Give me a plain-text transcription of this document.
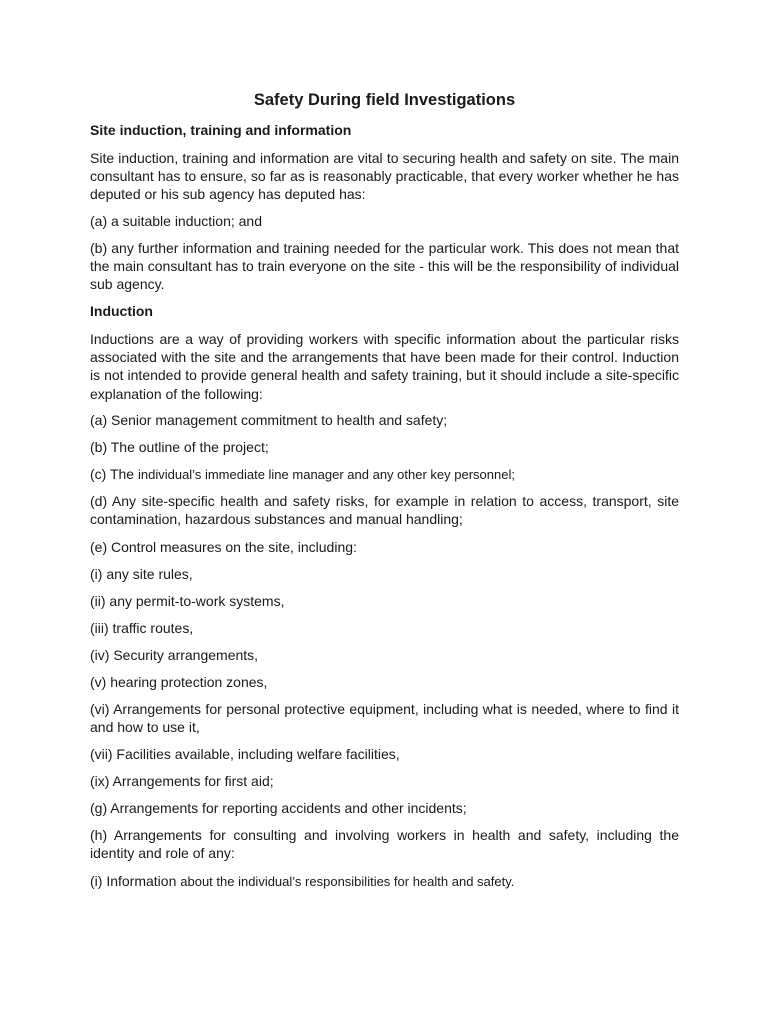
Safety During field Investigations
Site induction, training and information

Site induction, training and information are vital to securing health and safety on site. The main consultant has to ensure, so far as is reasonably practicable, that every worker whether he has deputed or his sub agency has deputed has:

(a) a suitable induction; and

(b) any further information and training needed for the particular work. This does not mean that the main consultant has to train everyone on the site - this will be the responsibility of individual sub agency.

Induction

Inductions are a way of providing workers with specific information about the particular risks associated with the site and the arrangements that have been made for their control. Induction is not intended to provide general health and safety training, but it should include a site-specific explanation of the following:

(a) Senior management commitment to health and safety;

(b) The outline of the project;

(c) The individual’s immediate line manager and any other key personnel;

(d) Any site-specific health and safety risks, for example in relation to access, transport, site contamination, hazardous substances and manual handling;

(e) Control measures on the site, including:

(i) any site rules,

(ii) any permit-to-work systems,

(iii) traffic routes,

(iv) Security arrangements,

(v) hearing protection zones,

(vi) Arrangements for personal protective equipment, including what is needed, where to find it and how to use it,

(vii) Facilities available, including welfare facilities,

(ix) Arrangements for first aid;

(g) Arrangements for reporting accidents and other incidents;

(h) Arrangements for consulting and involving workers in health and safety, including the identity and role of any:

(i) Information about the individual’s responsibilities for health and safety.
